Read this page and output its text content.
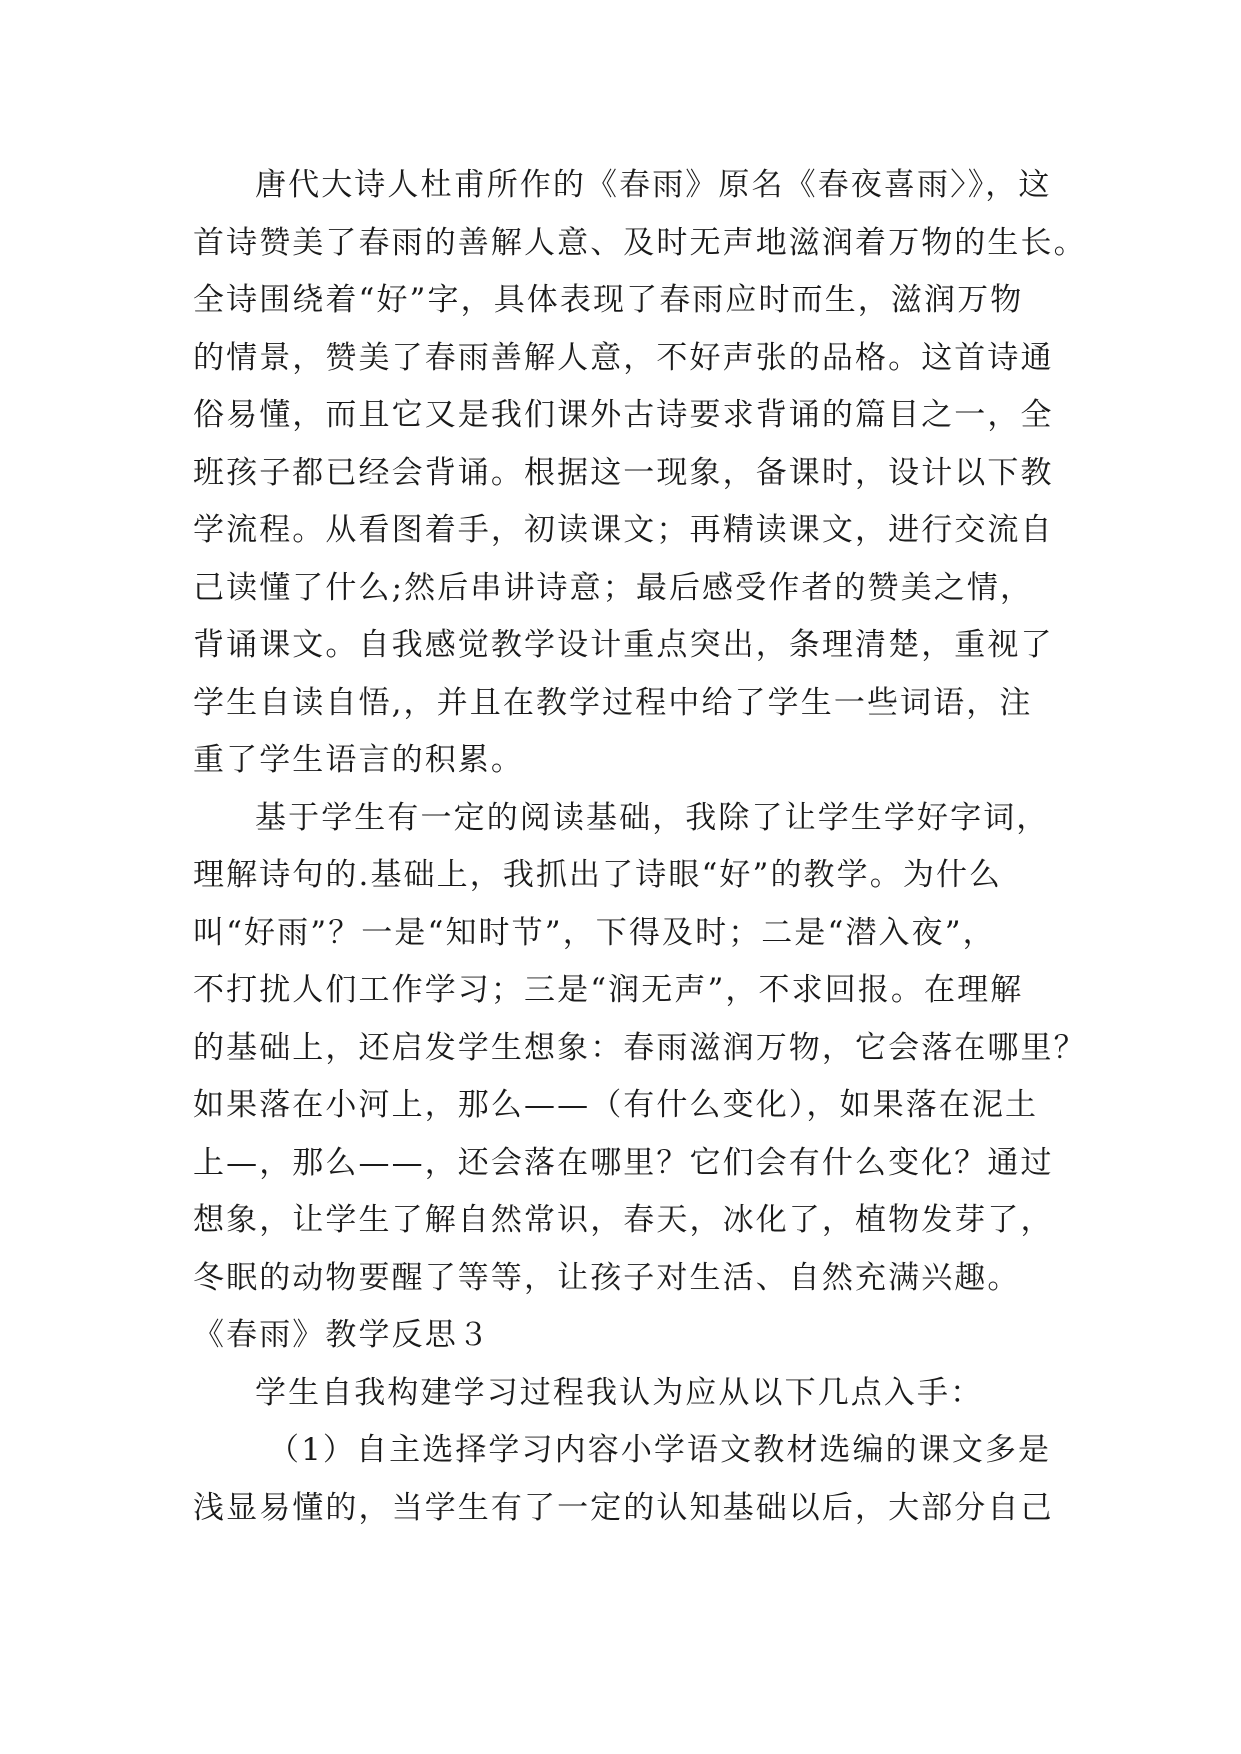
唐代大诗人杜甫所作的《春雨》原名《春夜喜雨〉》，这
首诗赞美了春雨的善解人意、及时无声地滋润着万物的生长。
全诗围绕着“好”字，具体表现了春雨应时而生，滋润万物
的情景，赞美了春雨善解人意，不好声张的品格。这首诗通
俗易懂，而且它又是我们课外古诗要求背诵的篇目之一，全
班孩子都已经会背诵。根据这一现象，备课时，设计以下教
学流程。从看图着手，初读课文；再精读课文，进行交流自
己读懂了什么;然后串讲诗意；最后感受作者的赞美之情，
背诵课文。自我感觉教学设计重点突出，条理清楚，重视了
学生自读自悟,，并且在教学过程中给了学生一些词语，注
重了学生语言的积累。
基于学生有一定的阅读基础，我除了让学生学好字词，
理解诗句的.基础上，我抓出了诗眼“好”的教学。为什么
叫“好雨”？一是“知时节”，下得及时；二是“潜入夜”，
不打扰人们工作学习；三是“润无声”，不求回报。在理解
的基础上，还启发学生想象：春雨滋润万物，它会落在哪里？
如果落在小河上，那么——（有什么变化），如果落在泥土
上—，那么——，还会落在哪里？它们会有什么变化？通过
想象，让学生了解自然常识，春天，冰化了，植物发芽了，
冬眠的动物要醒了等等，让孩子对生活、自然充满兴趣。
《春雨》教学反思３
学生自我构建学习过程我认为应从以下几点入手：
（1）自主选择学习内容小学语文教材选编的课文多是
浅显易懂的，当学生有了一定的认知基础以后，大部分自己
